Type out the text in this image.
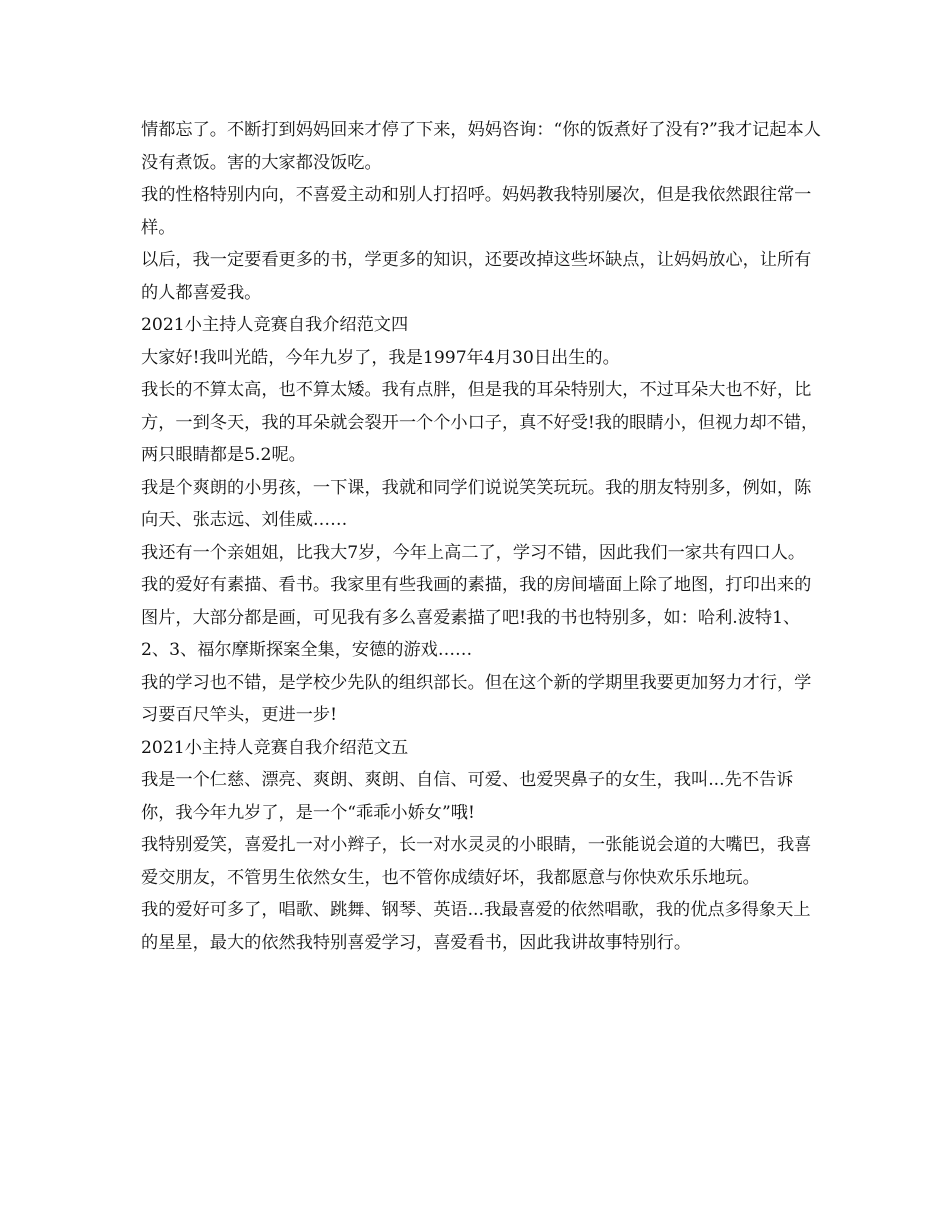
情都忘了。不断打到妈妈回来才停了下来，妈妈咨询：“你的饭煮好了没有?”我才记起本人没有煮饭。害的大家都没饭吃。

我的性格特别内向，不喜爱主动和别人打招呼。妈妈教我特别屡次，但是我依然跟往常一样。

以后，我一定要看更多的书，学更多的知识，还要改掉这些坏缺点，让妈妈放心，让所有的人都喜爱我。

2021小主持人竞赛自我介绍范文四

大家好!我叫光皓，今年九岁了，我是1997年4月30日出生的。

我长的不算太高，也不算太矮。我有点胖，但是我的耳朵特别大，不过耳朵大也不好，比方，一到冬天，我的耳朵就会裂开一个个小口子，真不好受!我的眼睛小，但视力却不错，两只眼睛都是5.2呢。

我是个爽朗的小男孩，一下课，我就和同学们说说笑笑玩玩。我的朋友特别多，例如，陈向天、张志远、刘佳威……

我还有一个亲姐姐，比我大7岁，今年上高二了，学习不错，因此我们一家共有四口人。

我的爱好有素描、看书。我家里有些我画的素描，我的房间墙面上除了地图，打印出来的图片，大部分都是画，可见我有多么喜爱素描了吧!我的书也特别多，如：哈利.波特1、2、3、福尔摩斯探案全集，安德的游戏……

我的学习也不错，是学校少先队的组织部长。但在这个新的学期里我要更加努力才行，学习要百尺竿头，更进一步!

2021小主持人竞赛自我介绍范文五

我是一个仁慈、漂亮、爽朗、爽朗、自信、可爱、也爱哭鼻子的女生，我叫...先不告诉你，我今年九岁了，是一个“乖乖小娇女”哦!

我特别爱笑，喜爱扎一对小辫子，长一对水灵灵的小眼睛，一张能说会道的大嘴巴，我喜爱交朋友，不管男生依然女生，也不管你成绩好坏，我都愿意与你快欢乐乐地玩。

我的爱好可多了，唱歌、跳舞、钢琴、英语...我最喜爱的依然唱歌，我的优点多得象天上的星星，最大的依然我特别喜爱学习，喜爱看书，因此我讲故事特别行。
